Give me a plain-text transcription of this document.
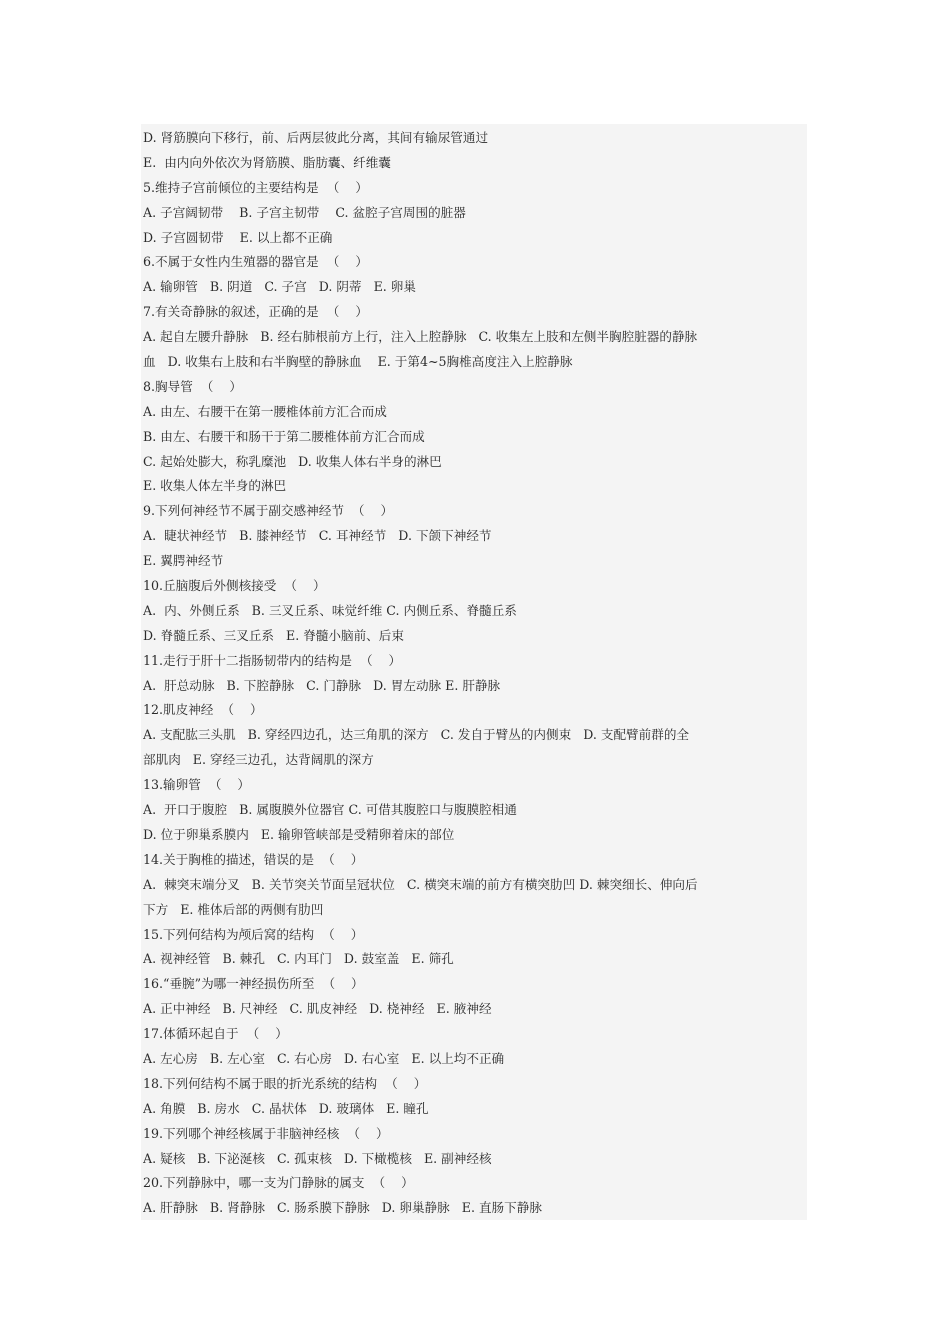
D. 肾筋膜向下移行，前、后两层彼此分离，其间有输尿管通过
E.  由内向外依次为肾筋膜、脂肪囊、纤维囊
5.维持子宫前倾位的主要结构是  （    ）
A. 子宫阔韧带    B. 子宫主韧带    C. 盆腔子宫周围的脏器
D. 子宫圆韧带    E. 以上都不正确
6.不属于女性内生殖器的器官是  （    ）
A. 输卵管   B. 阴道   C. 子宫   D. 阴蒂   E. 卵巢
7.有关奇静脉的叙述，正确的是  （    ）
A. 起自左腰升静脉   B. 经右肺根前方上行，注入上腔静脉   C. 收集左上肢和左侧半胸腔脏器的静脉
血   D. 收集右上肢和右半胸壁的静脉血    E. 于第4~5胸椎高度注入上腔静脉
8.胸导管  （    ）
A. 由左、右腰干在第一腰椎体前方汇合而成
B. 由左、右腰干和肠干于第二腰椎体前方汇合而成
C. 起始处膨大，称乳糜池   D. 收集人体右半身的淋巴
E. 收集人体左半身的淋巴
9.下列何神经节不属于副交感神经节  （    ）
A.  睫状神经节   B. 膝神经节   C. 耳神经节   D. 下颌下神经节
E. 翼腭神经节
10.丘脑腹后外侧核接受  （    ）
A.  内、外侧丘系   B. 三叉丘系、味觉纤维 C. 内侧丘系、脊髓丘系
D. 脊髓丘系、三叉丘系   E. 脊髓小脑前、后束
11.走行于肝十二指肠韧带内的结构是  （    ）
A.  肝总动脉   B. 下腔静脉   C. 门静脉   D. 胃左动脉 E. 肝静脉
12.肌皮神经  （    ）
A. 支配肱三头肌   B. 穿经四边孔，达三角肌的深方   C. 发自于臂丛的内侧束   D. 支配臂前群的全
部肌肉   E. 穿经三边孔，达背阔肌的深方
13.输卵管  （    ）
A.  开口于腹腔   B. 属腹膜外位器官 C. 可借其腹腔口与腹膜腔相通
D. 位于卵巢系膜内   E. 输卵管峡部是受精卵着床的部位
14.关于胸椎的描述，错误的是  （    ）
A.  棘突末端分叉   B. 关节突关节面呈冠状位   C. 横突末端的前方有横突肋凹 D. 棘突细长、伸向后
下方   E. 椎体后部的两侧有肋凹
15.下列何结构为颅后窝的结构  （    ）
A. 视神经管   B. 棘孔   C. 内耳门   D. 鼓室盖   E. 筛孔
16.“垂腕”为哪一神经损伤所至  （    ）
A. 正中神经   B. 尺神经   C. 肌皮神经   D. 桡神经   E. 腋神经
17.体循环起自于  （    ）
A. 左心房   B. 左心室   C. 右心房   D. 右心室   E. 以上均不正确
18.下列何结构不属于眼的折光系统的结构  （    ）
A. 角膜   B. 房水   C. 晶状体   D. 玻璃体   E. 瞳孔
19.下列哪个神经核属于非脑神经核  （    ）
A. 疑核   B. 下泌涎核   C. 孤束核   D. 下橄榄核   E. 副神经核
20.下列静脉中，哪一支为门静脉的属支  （    ）
A. 肝静脉   B. 肾静脉   C. 肠系膜下静脉   D. 卵巢静脉   E. 直肠下静脉
